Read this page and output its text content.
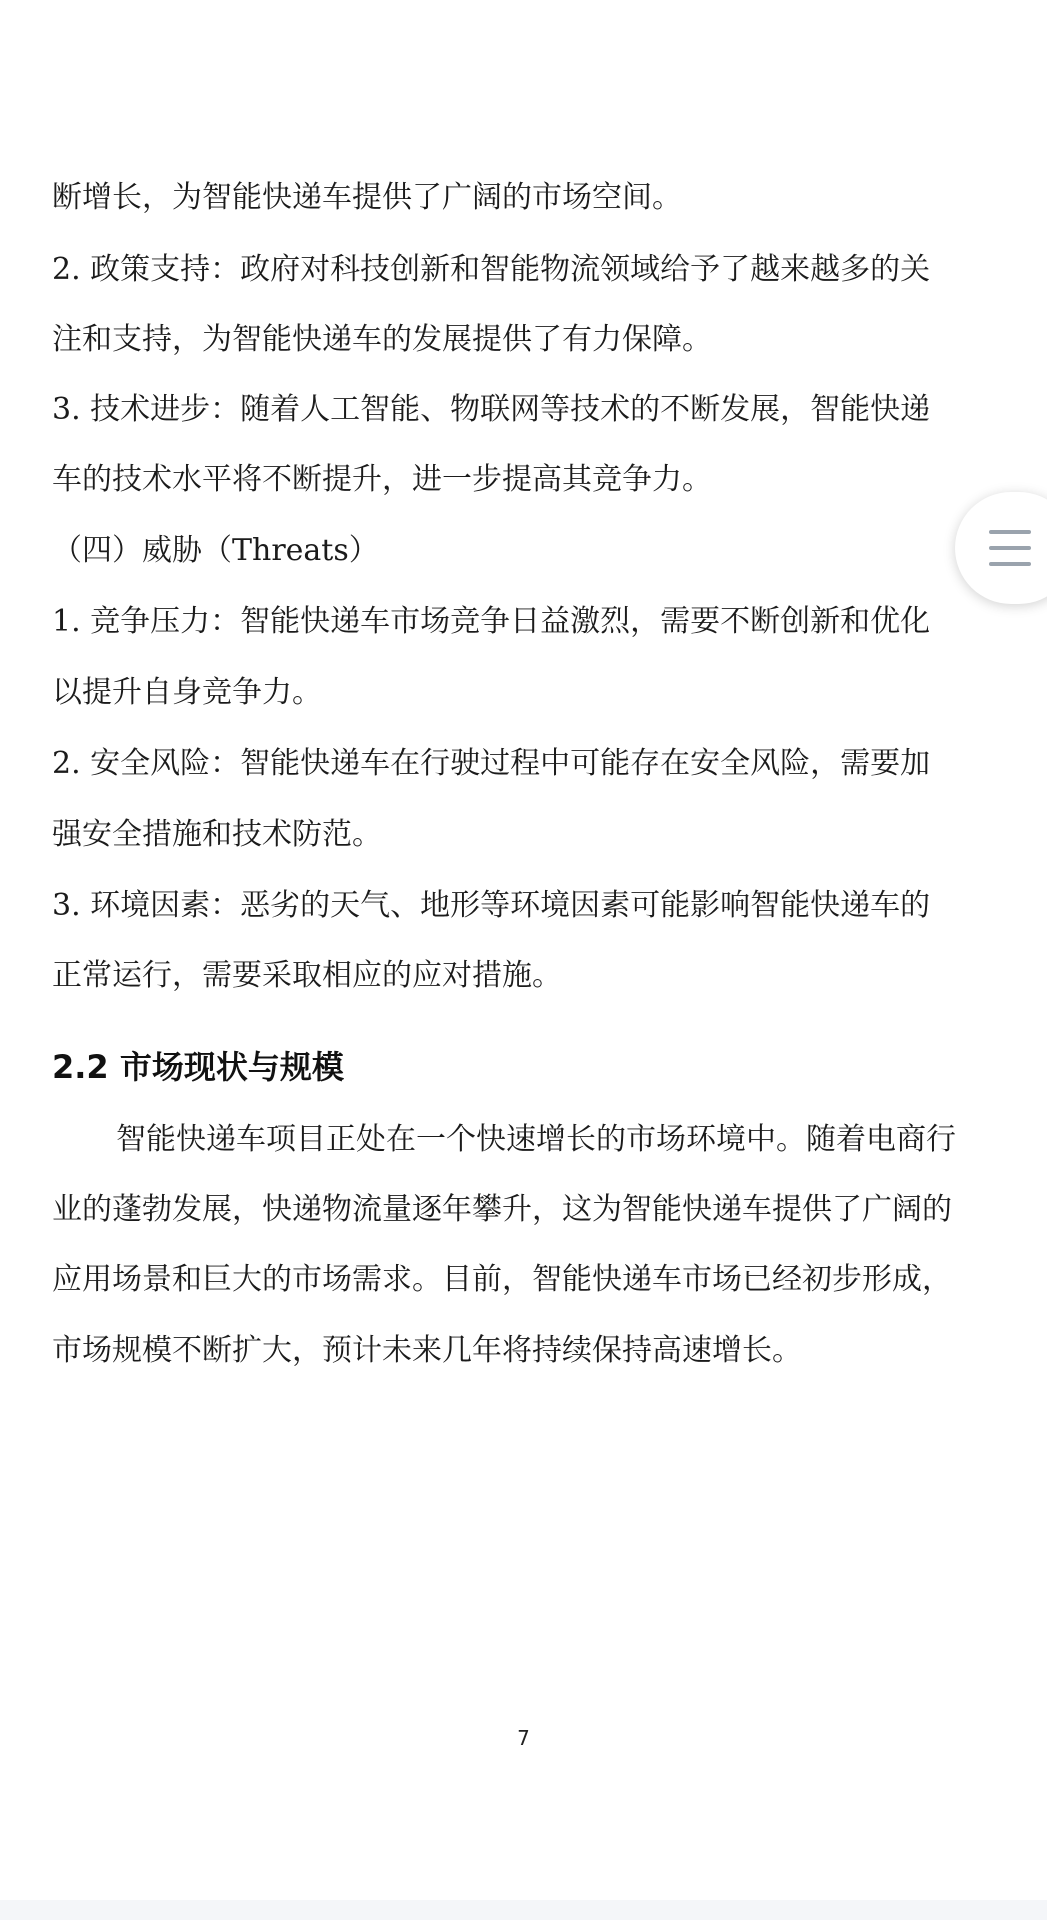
断增长，为智能快递车提供了广阔的市场空间。
2. 政策支持：政府对科技创新和智能物流领域给予了越来越多的关
注和支持，为智能快递车的发展提供了有力保障。
3. 技术进步：随着人工智能、物联网等技术的不断发展，智能快递
车的技术水平将不断提升，进一步提高其竞争力。
（四）威胁（Threats）
1. 竞争压力：智能快递车市场竞争日益激烈，需要不断创新和优化
以提升自身竞争力。
2. 安全风险：智能快递车在行驶过程中可能存在安全风险，需要加
强安全措施和技术防范。
3. 环境因素：恶劣的天气、地形等环境因素可能影响智能快递车的
正常运行，需要采取相应的应对措施。
2.2 市场现状与规模
智能快递车项目正处在一个快速增长的市场环境中。随着电商行
业的蓬勃发展，快递物流量逐年攀升，这为智能快递车提供了广阔的
应用场景和巨大的市场需求。目前，智能快递车市场已经初步形成，
市场规模不断扩大，预计未来几年将持续保持高速增长。
7
